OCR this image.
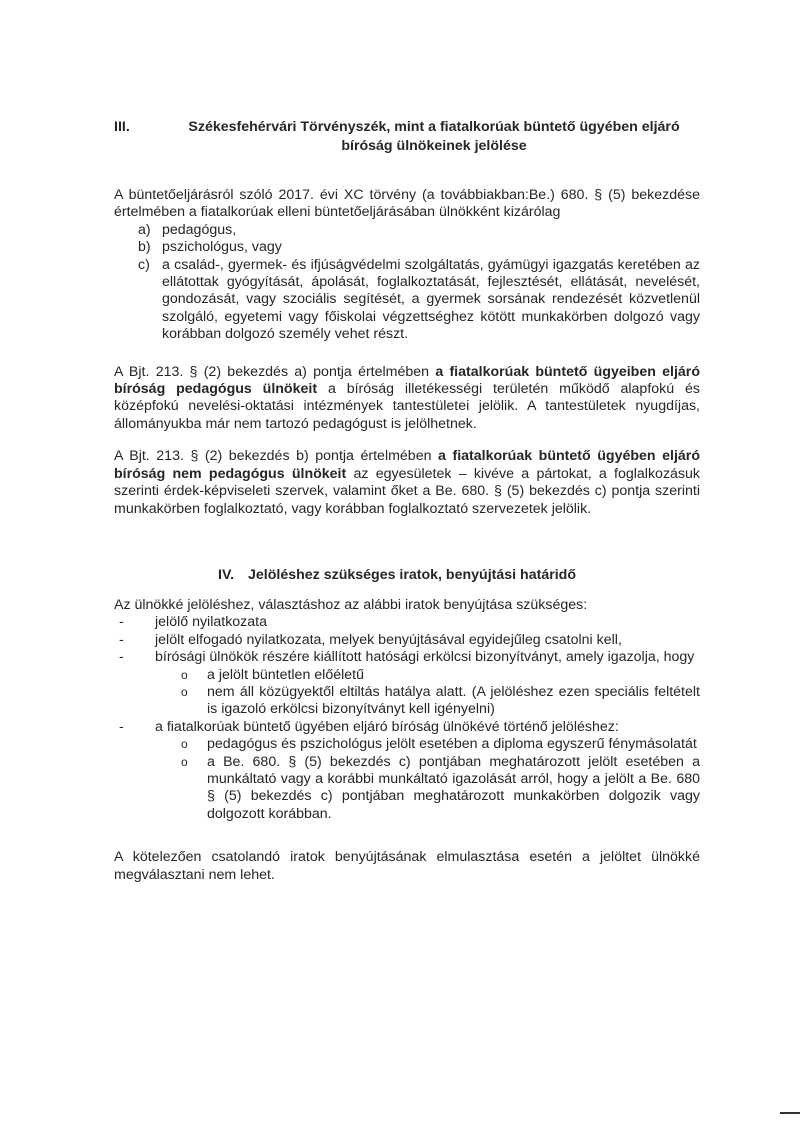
III.	Székesfehérvári Törvényszék, mint a fiatalkorúak büntető ügyében eljáró
bíróság ülnökeinek jelölése

A büntetőeljárásról szóló 2017. évi XC törvény (a továbbiakban:Be.) 680. § (5) bekezdése értelmében a fiatalkorúak elleni büntetőeljárásában ülnökként kizárólag

a) pedagógus,
b) pszichológus, vagy
c) a család-, gyermek- és ifjúságvédelmi szolgáltatás, gyámügyi igazgatás keretében az ellátottak gyógyítását, ápolását, foglalkoztatását, fejlesztését, ellátását, nevelését, gondozását, vagy szociális segítését, a gyermek sorsának rendezését közvetlenül szolgáló, egyetemi vagy főiskolai végzettséghez kötött munkakörben dolgozó vagy korábban dolgozó személy vehet részt.

A Bjt. 213. § (2) bekezdés a) pontja értelmében a fiatalkorúak büntető ügyeiben eljáró bíróság pedagógus ülnökeit a bíróság illetékességi területén működő alapfokú és középfokú nevelési-oktatási intézmények tantestületei jelölik. A tantestületek nyugdíjas, állományukba már nem tartozó pedagógust is jelölhetnek.

A Bjt. 213. § (2) bekezdés b) pontja értelmében a fiatalkorúak büntető ügyében eljáró bíróság nem pedagógus ülnökeit az egyesületek – kivéve a pártokat, a foglalkozásuk szerinti érdek-képviseleti szervek, valamint őket a Be. 680. § (5) bekezdés c) pontja szerinti munkakörben foglalkoztató, vagy korábban foglalkoztató szervezetek jelölik.

IV. Jelöléshez szükséges iratok, benyújtási határidő

Az ülnökké jelöléshez, választáshoz az alábbi iratok benyújtása szükséges:

- jelölő nyilatkozata
- jelölt elfogadó nyilatkozata, melyek benyújtásával egyidejűleg csatolni kell,
- bírósági ülnökök részére kiállított hatósági erkölcsi bizonyítványt, amely igazolja, hogy
o a jelölt büntetlen előéletű
o nem áll közügyektől eltiltás hatálya alatt. (A jelöléshez ezen speciális feltételt is igazoló erkölcsi bizonyítványt kell igényelni)
- a fiatalkorúak büntető ügyében eljáró bíróság ülnökévé történő jelöléshez:
o pedagógus és pszichológus jelölt esetében a diploma egyszerű fénymásolatát
o a Be. 680. § (5) bekezdés c) pontjában meghatározott jelölt esetében a munkáltató vagy a korábbi munkáltató igazolását arról, hogy a jelölt a Be. 680 § (5) bekezdés c) pontjában meghatározott munkakörben dolgozik vagy dolgozott korábban.

A kötelezően csatolandó iratok benyújtásának elmulasztása esetén a jelöltet ülnökké megválasztani nem lehet.
